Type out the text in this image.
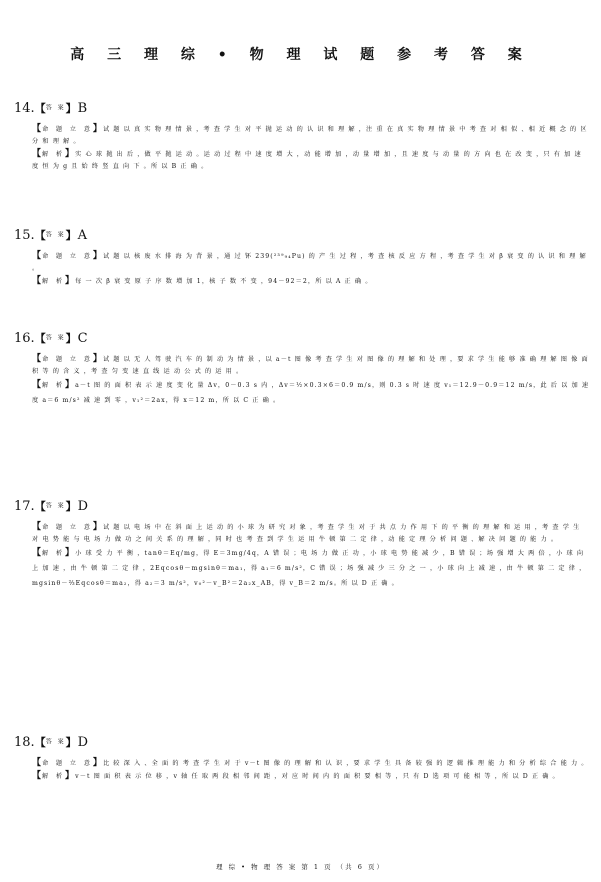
高 三 理 综 • 物 理 试 题 参 考 答 案
14.【答 案】B

【命 题 立 意】试 题 以 真 实 物 理 情 景 ，考 查 学 生 对 平 抛 运 动 的 认 识 和 理 解 ，注 重 在 真 实 物 理 情 景 中 考 查 对 相 似 、相 近 概 念 的 区 分 和 理 解 。

【解 析】实 心 球 抛 出 后 ，做 平 抛 运 动 。运 动 过 程 中 速 度 增 大 ，动 能 增 加 ，动 量 增 加 ，且 速 度 与 动 量 的 方 向 也 在 改 变 ，只 有 加 速 度 恒 为 g 且 始 终 竖 直 向 下 。所 以 B 正 确 。

15.【答 案】A

【命 题 立 意】试 题 以 核 废 水 排 海 为 背 景 ，通 过 钚 239(²³⁹₉₄Pu) 的 产 生 过 程 ，考 查 核 反 应 方 程 ，考 查 学 生 对 β 衰 变 的 认 识 和 理 解 。

【解 析】每 一 次 β 衰 变 原 子 序 数 增 加 1，核 子 数 不 变 ，94－92＝2，所 以 A 正 确 。

16.【答 案】C

【命 题 立 意】试 题 以 无 人 驾 驶 汽 车 的 制 动 为 情 景 ，以 a－t 图 像 考 查 学 生 对 图 像 的 理 解 和 处 理 ，要 求 学 生 能 够 准 确 理 解 图 像 面 积 等 的 含 义 ，考 查 匀 变 速 直 线 运 动 公 式 的 运 用 。

【解 析】a－t 图 的 面 积 表 示 速 度 变 化 量 Δv，0－0.3 s 内 ，Δv＝½×0.3×6＝0.9 m/s，则 0.3 s 时 速 度 v₁＝12.9－0.9＝12 m/s，此 后 以 加 速 度 a＝6 m/s² 减 速 到 零 ，v₁²＝2ax，得 x＝12 m，所 以 C 正 确 。

17.【答 案】D

【命 题 立 意】试 题 以 电 场 中 在 斜 面 上 运 动 的 小 球 为 研 究 对 象 ，考 查 学 生 对 于 共 点 力 作 用 下 的 平 衡 的 理 解 和 运 用 ，考 查 学 生 对 电 势 能 与 电 场 力 做 功 之 间 关 系 的 理 解 ，同 时 也 考 查 到 学 生 运 用 牛 顿 第 二 定 律 ，动 能 定 理 分 析 问 题 、解 决 问 题 的 能 力 。

【解 析】小 球 受 力 平 衡 ，tanθ＝Eq/mg，得 E＝3mg/4q，A 错 误 ；电 场 力 做 正 功 ，小 球 电 势 能 减 少 ，B 错 误 ；场 强 增 大 两 倍 ，小 球 向 上 加 速 ，由 牛 顿 第 二 定 律 ，2Eqcosθ－mgsinθ＝ma₁，得 a₁＝6 m/s²，C 错 误 ；场 强 减 少 三 分 之 一 ，小 球 向 上 减 速 ，由 牛 顿 第 二 定 律 ，mgsinθ－⅔Eqcosθ＝ma₂，得 a₂＝3 m/s²，v₀²－v_B²＝2a₂x_AB，得 v_B＝2 m/s。所 以 D 正 确 。

18.【答 案】D

【命 题 立 意】比 较 深 入 、全 面 的 考 查 学 生 对 于 v－t 图 像 的 理 解 和 认 识 ，要 求 学 生 具 备 较 强 的 逻 辑 推 理 能 力 和 分 析 综 合 能 力 。

【解 析】v－t 图 面 积 表 示 位 移 ，v 轴 任 取 两 段 相 邻 间 距 ，对 应 时 间 内 的 面 积 要 相 等 ，只 有 D 选 项 可 能 相 等 ，所 以 D 正 确 。

理 综 • 物 理 答 案 第 1 页 （共 6 页）
